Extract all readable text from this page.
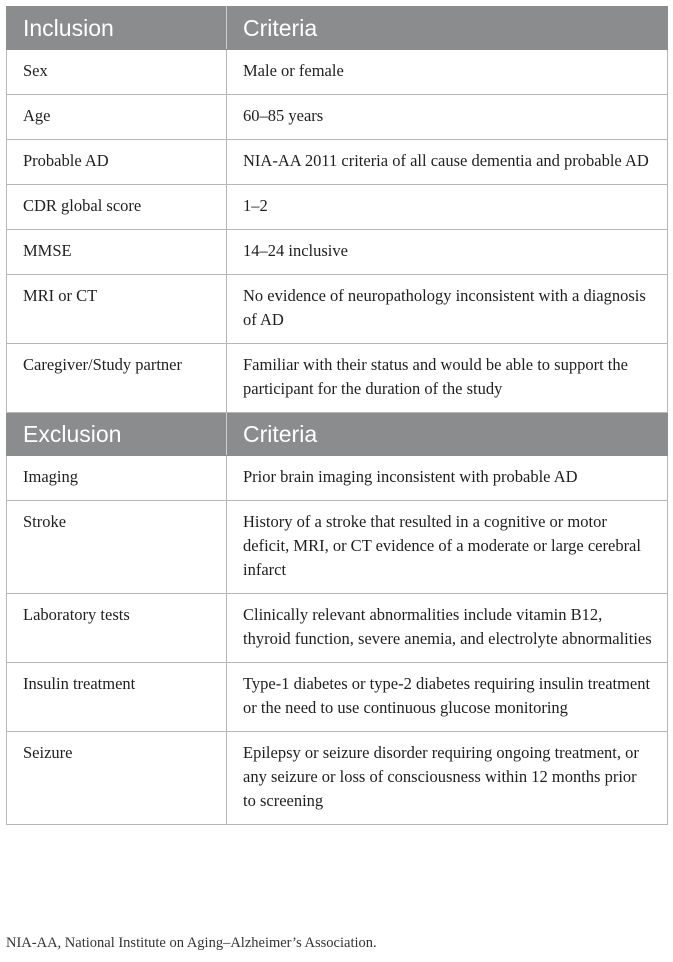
Inclusion	Criteria
Sex	Male or female
Age	60–85 years
Probable AD	NIA-AA 2011 criteria of all cause dementia and probable AD
CDR global score	1–2
MMSE	14–24 inclusive
MRI or CT	No evidence of neuropathology inconsistent with a diagnosis of AD
Caregiver/Study partner	Familiar with their status and would be able to support the participant for the duration of the study
Exclusion	Criteria
Imaging	Prior brain imaging inconsistent with probable AD
Stroke	History of a stroke that resulted in a cognitive or motor deficit, MRI, or CT evidence of a moderate or large cerebral infarct
Laboratory tests	Clinically relevant abnormalities include vitamin B12, thyroid function, severe anemia, and electrolyte abnormalities
Insulin treatment	Type-1 diabetes or type-2 diabetes requiring insulin treatment or the need to use continuous glucose monitoring
Seizure	Epilepsy or seizure disorder requiring ongoing treatment, or any seizure or loss of consciousness within 12 months prior to screening
NIA-AA, National Institute on Aging–Alzheimer’s Association.
